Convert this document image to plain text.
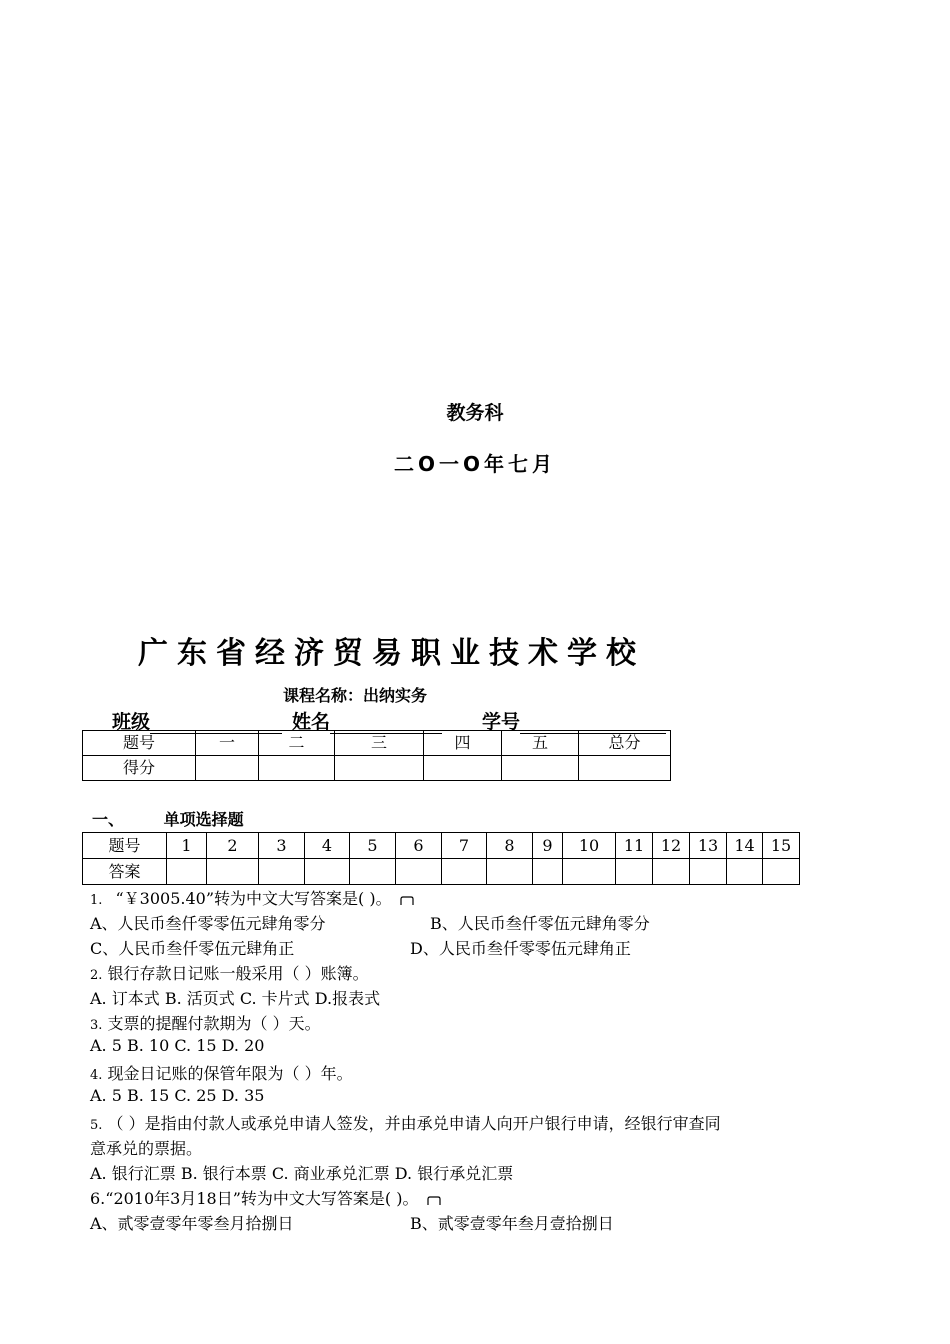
教务科
二O一O年七月
广东省经济贸易职业技术学校
课程名称：出纳实务
班级	姓名	学号
题号	一	二	三	四	五	总分
得分						
一、 单项选择题
题号	1	2	3	4	5	6	7	8	9	10	11	12	13	14	15
答案															
1. “￥3005.40”转为中文大写答案是( )。
A、人民币叁仟零零伍元肆角零分	B、人民币叁仟零伍元肆角零分
C、人民币叁仟零伍元肆角正	D、人民币叁仟零零伍元肆角正
2. 银行存款日记账一般采用（ ）账簿。
A. 订本式 B. 活页式 C. 卡片式 D.报表式
3. 支票的提醒付款期为（ ）天。
A. 5 B. 10 C. 15 D. 20
4. 现金日记账的保管年限为（ ）年。
A. 5 B. 15 C. 25 D. 35
5. （ ）是指由付款人或承兑申请人签发，并由承兑申请人向开户银行申请，经银行审查同
意承兑的票据。
A. 银行汇票 B. 银行本票 C. 商业承兑汇票 D. 银行承兑汇票
6.“2010年3月18日”转为中文大写答案是( )。
A、贰零壹零年零叁月拾捌日	B、贰零壹零年叁月壹拾捌日
